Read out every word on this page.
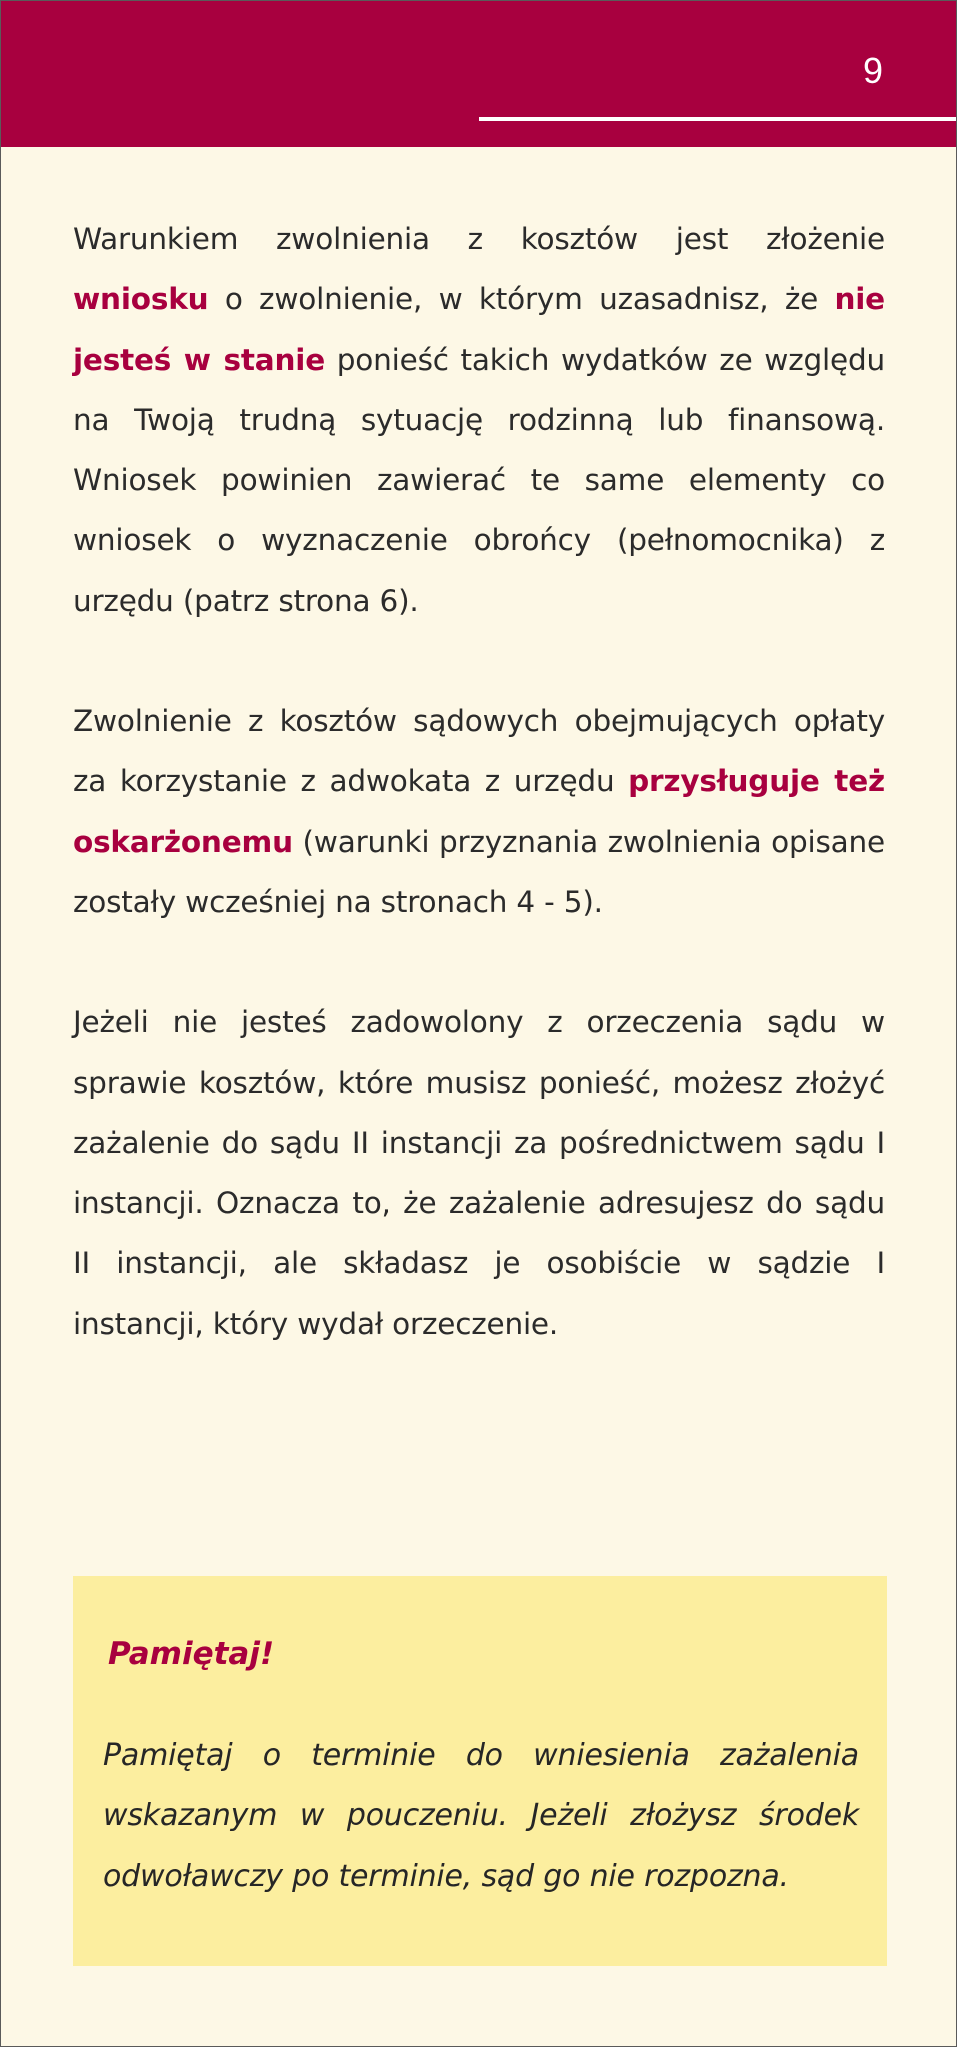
9

Warunkiem zwolnienia z kosztów jest złożenie wniosku o zwolnienie, w którym uzasadnisz, że nie jesteś w stanie ponieść takich wydatków ze względu na Twoją trudną sytuację rodzinną lub finansową. Wniosek powinien zawierać te same elementy co wniosek o wyznaczenie obrońcy (pełnomocnika) z urzędu (patrz strona 6).

Zwolnienie z kosztów sądowych obejmujących opłaty za korzystanie z adwokata z urzędu przysługuje też oskarżonemu (warunki przyznania zwolnienia opisane zostały wcześniej na stronach 4 - 5).

Jeżeli nie jesteś zadowolony z orzeczenia sądu w sprawie kosztów, które musisz ponieść, możesz złożyć zażalenie do sądu II instancji za pośrednictwem sądu I instancji. Oznacza to, że zażalenie adresujesz do sądu II instancji, ale składasz je osobiście w sądzie I instancji, który wydał orzeczenie.

Pamiętaj!

Pamiętaj o terminie do wniesienia zażalenia wskazanym w pouczeniu. Jeżeli złożysz środek odwoławczy po terminie, sąd go nie rozpozna.
